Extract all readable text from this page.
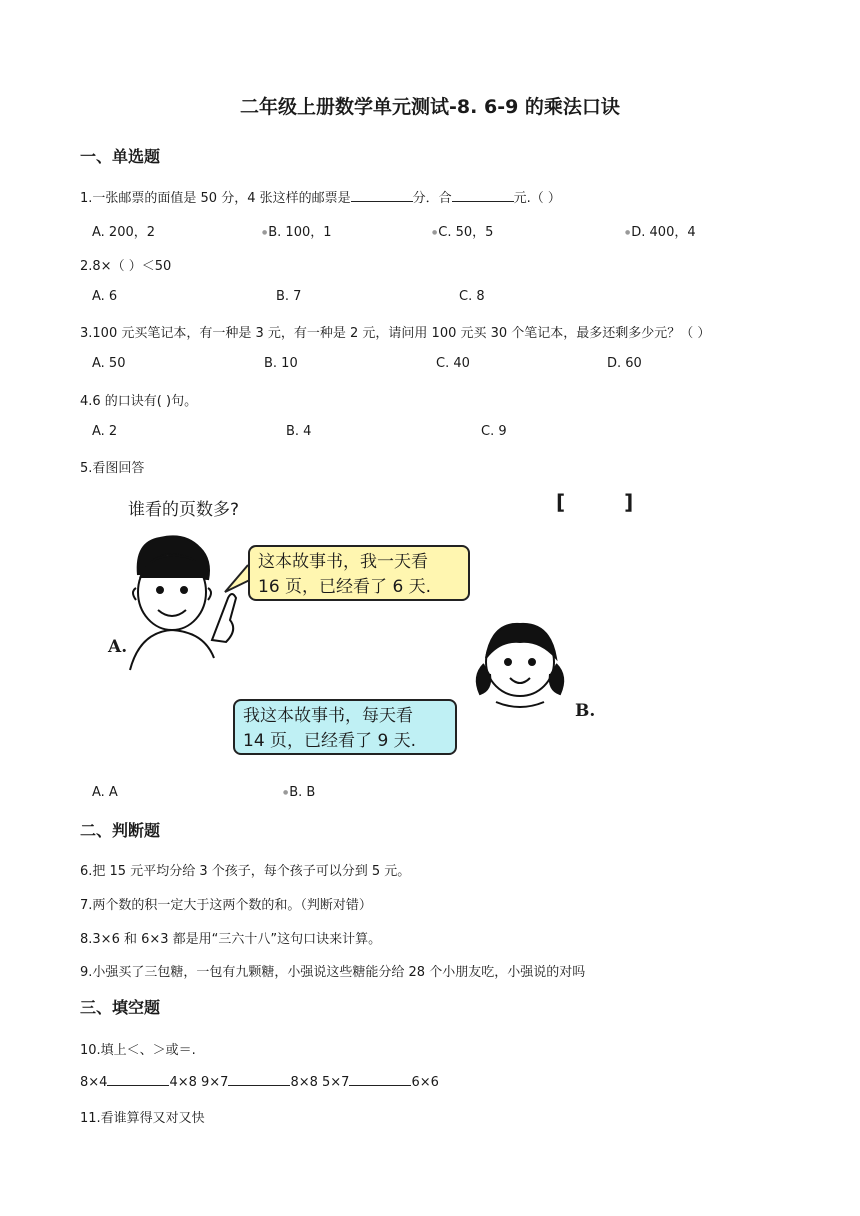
二年级上册数学单元测试-8. 6-9 的乘法口诀
一、单选题
1.一张邮票的面值是 50 分，4 张这样的邮票是	分．合	元.（ ）
A. 200，2	●B. 100，1	●C. 50，5	●D. 400，4
2.8×（ ）＜50
A. 6	B. 7	C. 8
3.100 元买笔记本，有一种是 3 元，有一种是 2 元，请问用 100 元买 30 个笔记本，最多还剩多少元？（ ）
A. 50	B. 10	C. 40	D. 60
4.6 的口诀有( )句。
A. 2	B. 4	C. 9
5.看图回答
谁看的页数多?	[ ]
这本故事书，我一天看
16 页，已经看了 6 天.
我这本故事书，每天看
14 页，已经看了 9 天.
A.
B.
A. A	●B. B
二、判断题
6.把 15 元平均分给 3 个孩子，每个孩子可以分到 5 元。
7.两个数的积一定大于这两个数的和。（判断对错）
8.3×6 和 6×3 都是用“三六十八”这句口诀来计算。
9.小强买了三包糖，一包有九颗糖，小强说这些糖能分给 28 个小朋友吃，小强说的对吗
三、填空题
10.填上＜、＞或＝.
8×4	4×8 9×7	8×8 5×7	6×6
11.看谁算得又对又快
